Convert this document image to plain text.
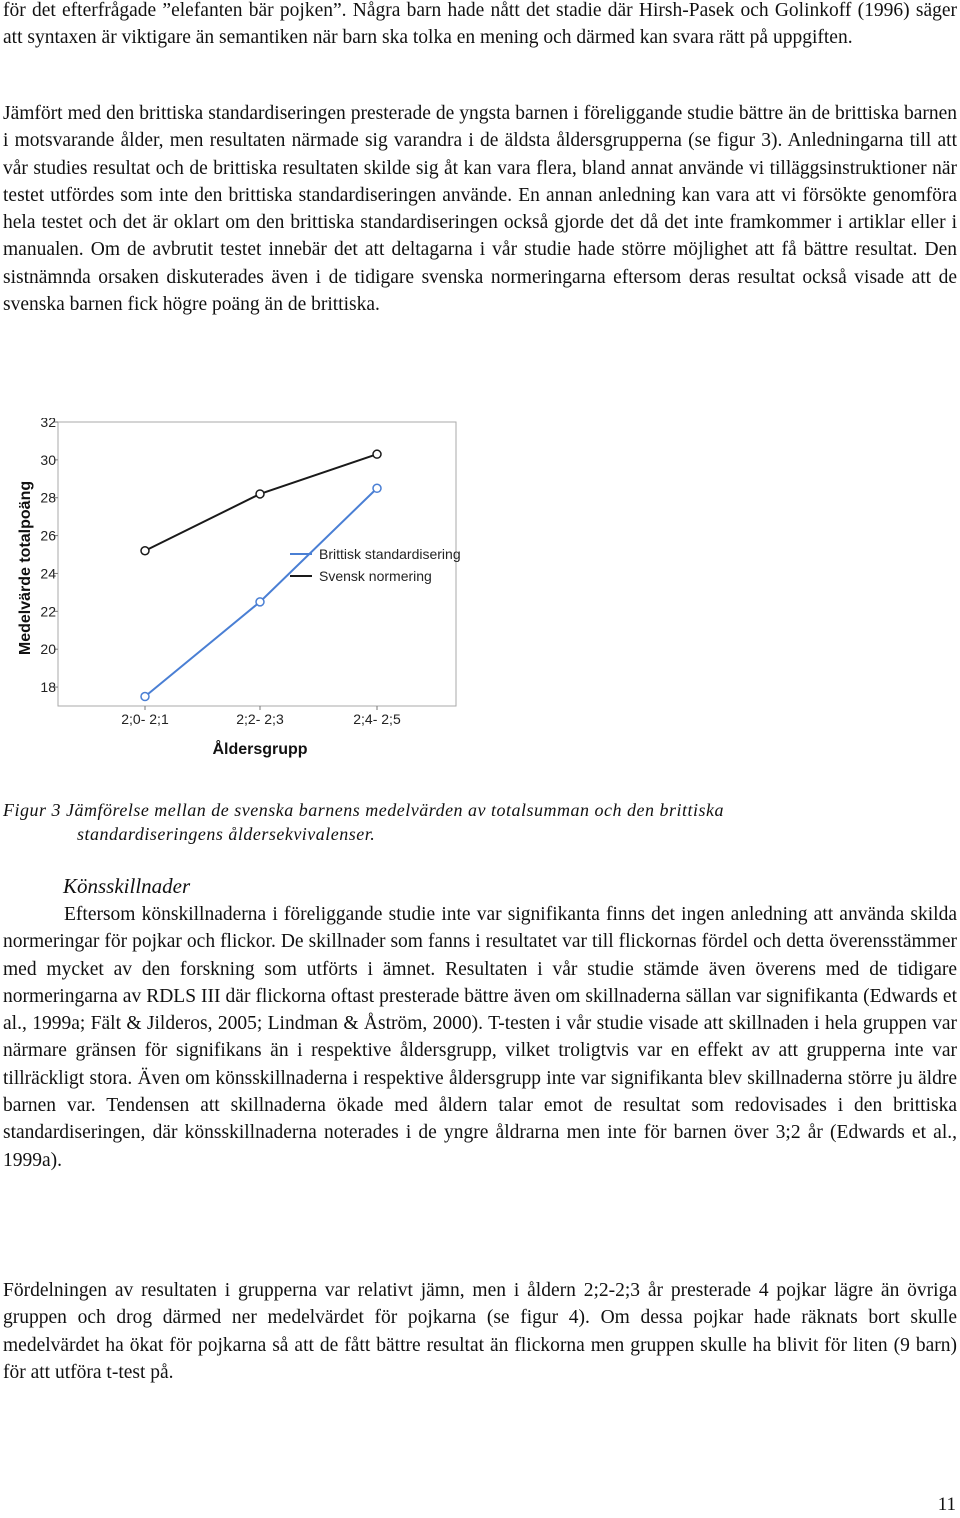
för det efterfrågade ”elefanten bär pojken”. Några barn hade nått det stadie där Hirsh-Pasek och Golinkoff (1996) säger att syntaxen är viktigare än semantiken när barn ska tolka en mening och därmed kan svara rätt på uppgiften.

Jämfört med den brittiska standardiseringen presterade de yngsta barnen i föreliggande studie bättre än de brittiska barnen i motsvarande ålder, men resultaten närmade sig varandra i de äldsta åldersgrupperna (se figur 3). Anledningarna till att vår studies resultat och de brittiska resultaten skilde sig åt kan vara flera, bland annat använde vi tilläggsinstruktioner när testet utfördes som inte den brittiska standardiseringen använde. En annan anledning kan vara att vi försökte genomföra hela testet och det är oklart om den brittiska standardiseringen också gjorde det då det inte framkommer i artiklar eller i manualen. Om de avbrutit testet innebär det att deltagarna i vår studie hade större möjlighet att få bättre resultat. Den sistnämnda orsaken diskuterades även i de tidigare svenska normeringarna eftersom deras resultat också visade att de svenska barnen fick högre poäng än de brittiska.

18
20
22
24
26
28
30
32
2;0- 2;1	2;2- 2;3	2;4- 2;5
Brittisk standardisering
Svensk normering
Medelvärde totalpoäng
Åldersgrupp

Figur 3 Jämförelse mellan de svenska barnens medelvärden av totalsumman och den brittiska

standardiseringens åldersekvivalenser.

Könsskillnader

Eftersom könskillnaderna i föreliggande studie inte var signifikanta finns det ingen anledning att använda skilda normeringar för pojkar och flickor. De skillnader som fanns i resultatet var till flickornas fördel och detta överensstämmer med mycket av den forskning som utförts i ämnet. Resultaten i vår studie stämde även överens med de tidigare normeringarna av RDLS III där flickorna oftast presterade bättre även om skillnaderna sällan var signifikanta (Edwards et al., 1999a; Fält & Jilderos, 2005; Lindman & Åström, 2000). T-testen i vår studie visade att skillnaden i hela gruppen var närmare gränsen för signifikans än i respektive åldersgrupp, vilket troligtvis var en effekt av att grupperna inte var tillräckligt stora. Även om könsskillnaderna i respektive åldersgrupp inte var signifikanta blev skillnaderna större ju äldre barnen var. Tendensen att skillnaderna ökade med åldern talar emot de resultat som redovisades i den brittiska standardiseringen, där könsskillnaderna noterades i de yngre åldrarna men inte för barnen över 3;2 år (Edwards et al., 1999a).

Fördelningen av resultaten i grupperna var relativt jämn, men i åldern 2;2-2;3 år presterade 4 pojkar lägre än övriga gruppen och drog därmed ner medelvärdet för pojkarna (se figur 4). Om dessa pojkar hade räknats bort skulle medelvärdet ha ökat för pojkarna så att de fått bättre resultat än flickorna men gruppen skulle ha blivit för liten (9 barn) för att utföra t-test på.

11
